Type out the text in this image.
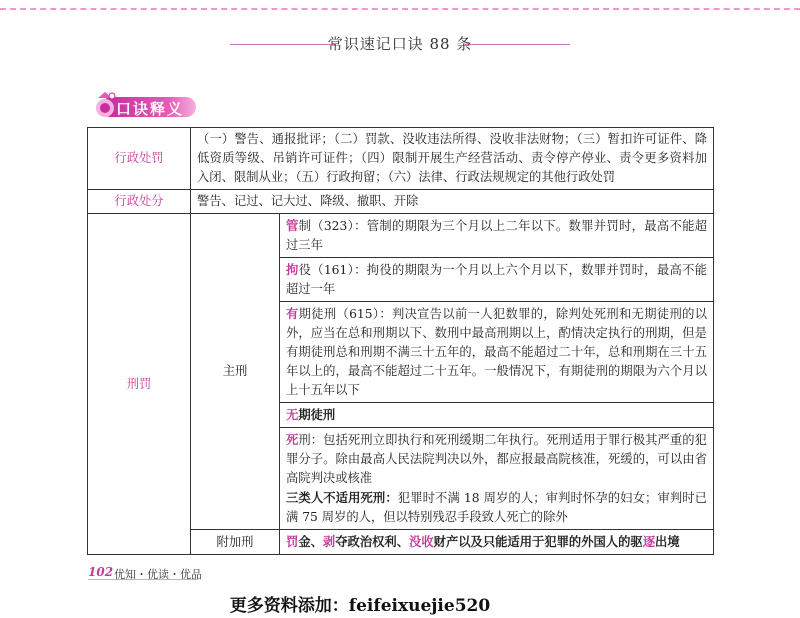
常识速记口诀 88 条
口诀释义
行政处罚	（一）警告、通报批评；（二）罚款、没收违法所得、没收非法财物；（三）暂扣许可证件、降低资质等级、吊销许可证件；（四）限制开展生产经营活动、责令停产停业、责令更多资料加入闭、限制从业；（五）行政拘留；（六）法律、行政法规规定的其他行政处罚	
行政处分	警告、记过、记大过、降级、撤职、开除	
刑罚	主刑	管制（323）：管制的期限为三个月以上二年以下。数罪并罚时，最高不能超过三年
		拘役（161）：拘役的期限为一个月以上六个月以下，数罪并罚时，最高不能超过一年
		有期徒刑（615）：判决宣告以前一人犯数罪的，除判处死刑和无期徒刑的以外，应当在总和刑期以下、数刑中最高刑期以上，酌情决定执行的刑期，但是有期徒刑总和刑期不满三十五年的，最高不能超过二十年，总和刑期在三十五年以上的，最高不能超过二十五年。一般情况下，有期徒刑的期限为六个月以上十五年以下
		无期徒刑
		死刑：包括死刑立即执行和死刑缓期二年执行。死刑适用于罪行极其严重的犯罪分子。除由最高人民法院判决以外，都应报最高院核准，死缓的，可以由省高院判决或核准
三类人不适用死刑：犯罪时不满 18 周岁的人；审判时怀孕的妇女；审判时已满 75 周岁的人，但以特别残忍手段致人死亡的除外
	附加刑	罚金、剥夺政治权利、没收财产以及只能适用于犯罪的外国人的驱逐出境
102 优知・优读・优品
更多资料添加：feifeixuejie520
